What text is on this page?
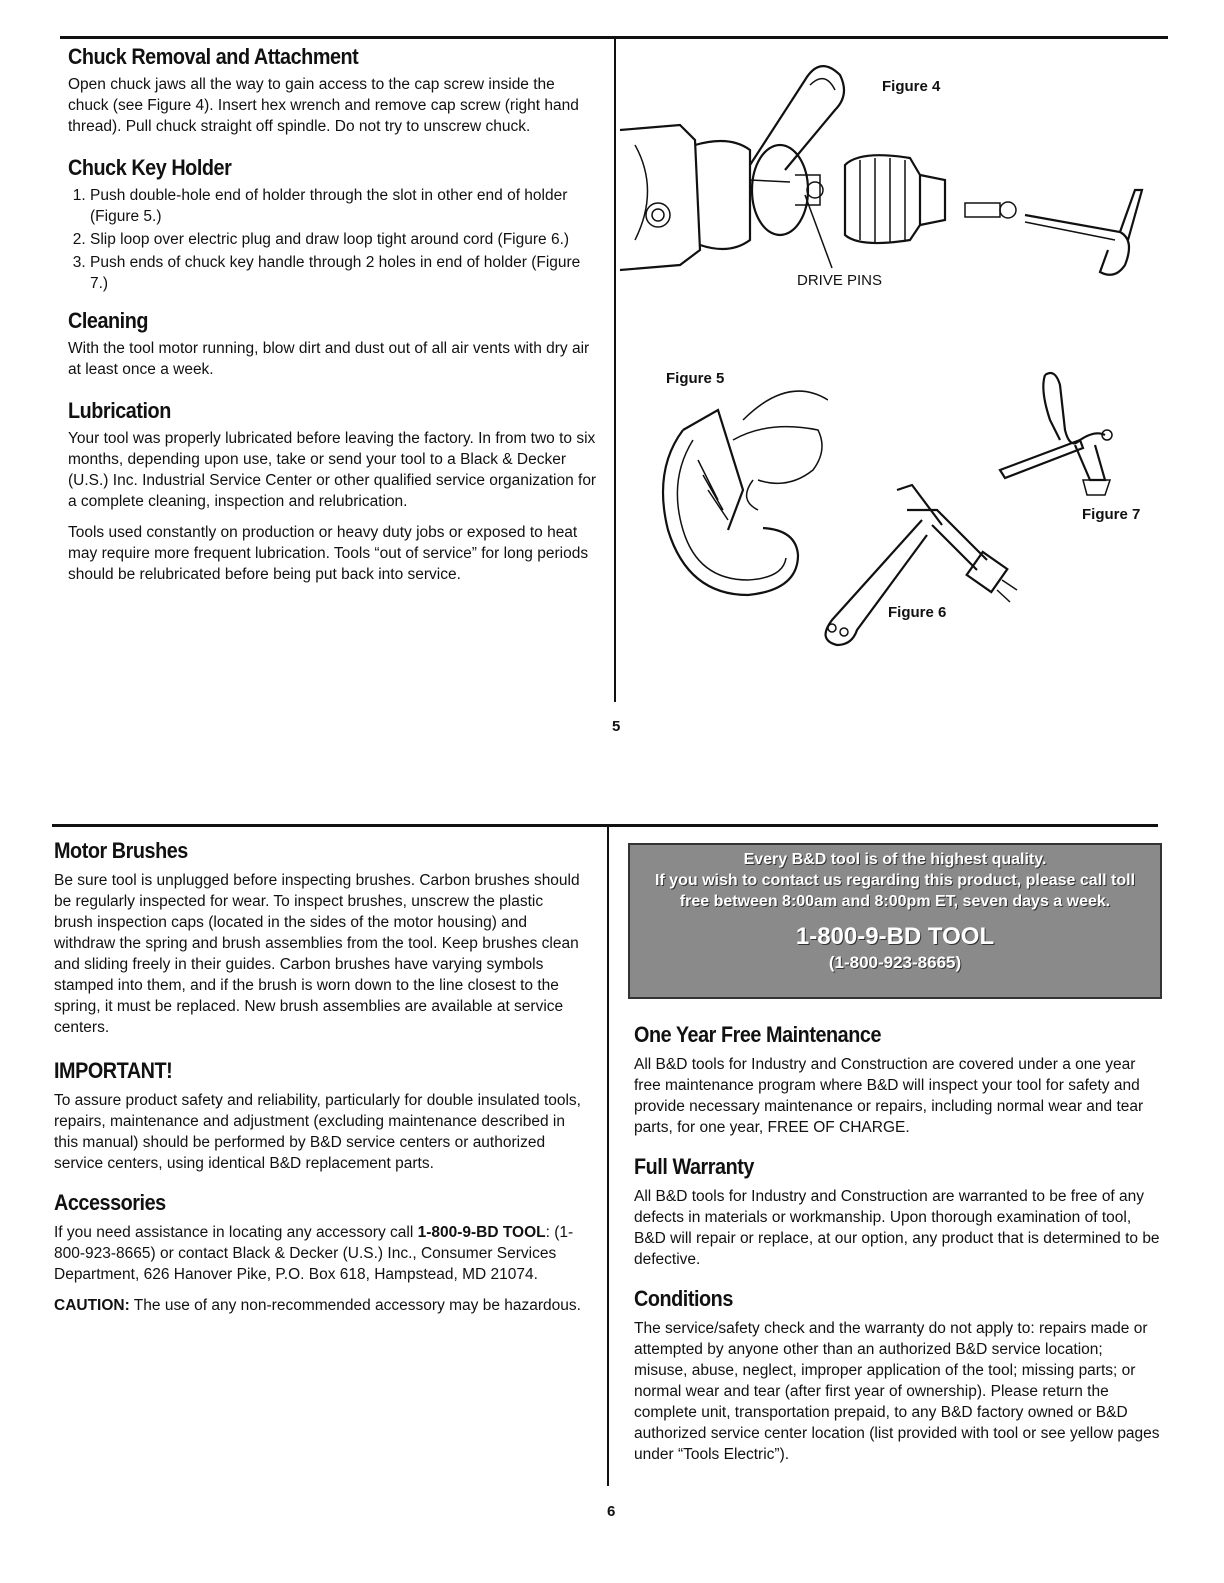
Chuck Removal and Attachment

Open chuck jaws all the way to gain access to the cap screw inside the chuck (see Figure 4). Insert hex wrench and remove cap screw (right hand thread). Pull chuck straight off spindle. Do not try to unscrew chuck.

Chuck Key Holder
1. Push double-hole end of holder through the slot in other end of holder (Figure 5.)
2. Slip loop over electric plug and draw loop tight around cord (Figure 6.)
3. Push ends of chuck key handle through 2 holes in end of holder (Figure 7.)
Cleaning

With the tool motor running, blow dirt and dust out of all air vents with dry air at least once a week.

Lubrication

Your tool was properly lubricated before leaving the factory. In from two to six months, depending upon use, take or send your tool to a Black & Decker (U.S.) Inc. Industrial Service Center or other qualified service organization for a complete cleaning, inspection and relubrication.

Tools used constantly on production or heavy duty jobs or exposed to heat may require more frequent lubrication. Tools “out of service” for long periods should be relubricated before being put back into service.

Figure 4
DRIVE PINS
Figure 5
Figure 6
Figure 7
5
Motor Brushes

Be sure tool is unplugged before inspecting brushes. Carbon brushes should be regularly inspected for wear. To inspect brushes, unscrew the plastic brush inspection caps (located in the sides of the motor housing) and withdraw the spring and brush assemblies from the tool. Keep brushes clean and sliding freely in their guides. Carbon brushes have varying symbols stamped into them, and if the brush is worn down to the line closest to the spring, it must be replaced. New brush assemblies are available at service centers.

IMPORTANT!

To assure product safety and reliability, particularly for double insulated tools, repairs, maintenance and adjustment (excluding maintenance described in this manual) should be performed by B&D service centers or authorized service centers, using identical B&D replacement parts.

Accessories

If you need assistance in locating any accessory call 1-800-9-BD TOOL: (1-800-923-8665) or contact Black & Decker (U.S.) Inc., Consumer Services Department, 626 Hanover Pike, P.O. Box 618, Hampstead, MD 21074.

CAUTION: The use of any non-recommended accessory may be hazardous.

Every B&D tool is of the highest quality.
If you wish to contact us regarding this product, please call toll
free between 8:00am and 8:00pm ET, seven days a week.
1-800-9-BD TOOL
(1-800-923-8665)
One Year Free Maintenance

All B&D tools for Industry and Construction are covered under a one year free maintenance program where B&D will inspect your tool for safety and provide necessary maintenance or repairs, including normal wear and tear parts, for one year, FREE OF CHARGE.

Full Warranty

All B&D tools for Industry and Construction are warranted to be free of any defects in materials or workmanship. Upon thorough examination of tool, B&D will repair or replace, at our option, any product that is determined to be defective.

Conditions

The service/safety check and the warranty do not apply to: repairs made or attempted by anyone other than an authorized B&D service location; misuse, abuse, neglect, improper application of the tool; missing parts; or normal wear and tear (after first year of ownership). Please return the complete unit, transportation prepaid, to any B&D factory owned or B&D authorized service center location (list provided with tool or see yellow pages under “Tools Electric”).

6
